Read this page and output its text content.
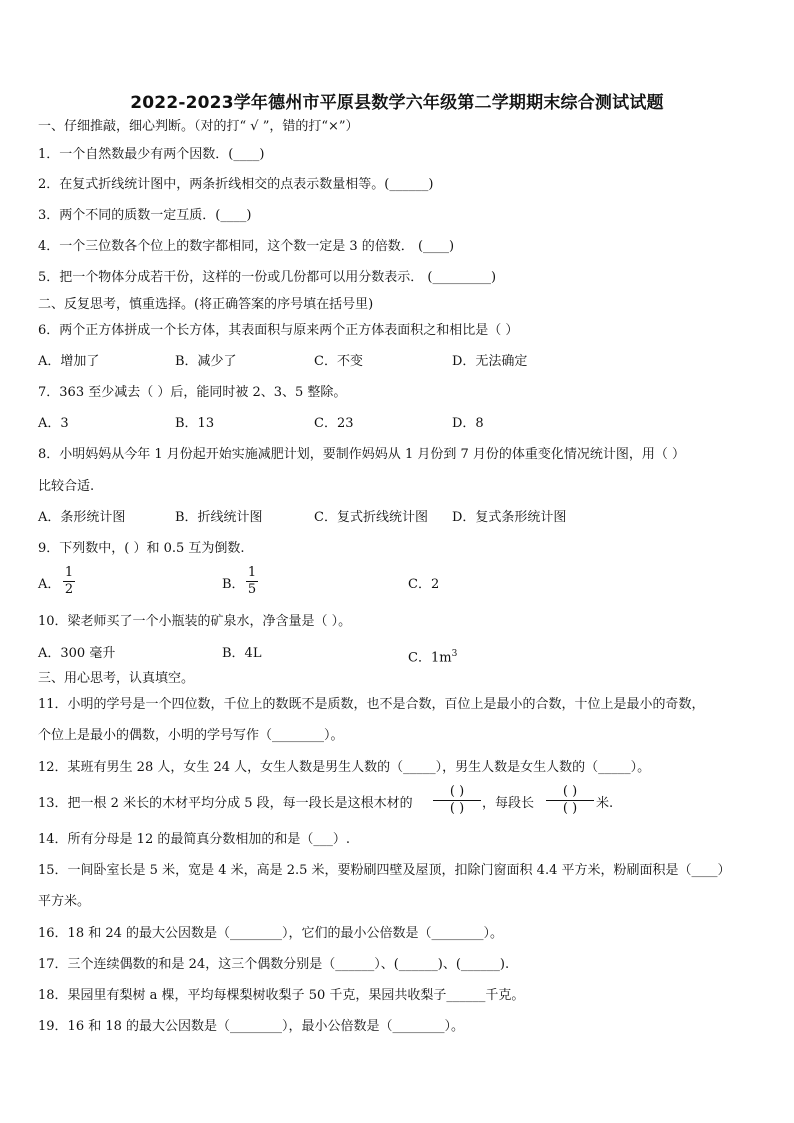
2022-2023学年德州市平原县数学六年级第二学期期末综合测试试题
一、仔细推敲，细心判断。（对的打“ √ ”，错的打“×”）
1．一个自然数最少有两个因数．(____)
2．在复式折线统计图中，两条折线相交的点表示数量相等。(______)
3．两个不同的质数一定互质．(____)
4．一个三位数各个位上的数字都相同，这个数一定是 3 的倍数． (____)
5．把一个物体分成若干份，这样的一份或几份都可以用分数表示． (_________)
二、反复思考，慎重选择。(将正确答案的序号填在括号里)
6．两个正方体拼成一个长方体，其表面积与原来两个正方体表面积之和相比是（ ）
A．增加了	B．减少了	C．不变	D．无法确定
7．363 至少减去（ ）后，能同时被 2、3、5 整除。
A．3	B．13	C．23	D．8
8．小明妈妈从今年 1 月份起开始实施减肥计划，要制作妈妈从 1 月份到 7 月份的体重变化情况统计图，用（ ）
比较合适.
A．条形统计图	B．折线统计图	C．复式折线统计图 D．复式条形统计图
9．下列数中，( ）和 0.5 互为倒数.
A．
1
2	B．
1
5	C．2
10．梁老师买了一个小瓶装的矿泉水，净含量是（ ）。
A．300 毫升	B．4L	C．$1m^3$
三、用心思考，认真填空。
11．小明的学号是一个四位数，千位上的数既不是质数，也不是合数，百位上是最小的合数，十位上是最小的奇数，
个位上是最小的偶数，小明的学号写作（________）。
12．某班有男生 28 人，女生 24 人，女生人数是男生人数的（_____），男生人数是女生人数的（_____）。
13．把一根 2 米长的木材平均分成 5 段，每一段长是这根木材的
( )
( )	，每段长
( )
( )	米.
14．所有分母是 12 的最简真分数相加的和是（___）.
15．一间卧室长是 5 米，宽是 4 米，高是 2.5 米，要粉刷四壁及屋顶，扣除门窗面积 4.4 平方米，粉刷面积是（____）
平方米。
16．18 和 24 的最大公因数是（________），它们的最小公倍数是（________）。
17．三个连续偶数的和是 24，这三个偶数分别是（______）、(______)、(______).
18．果园里有梨树 a 棵，平均每棵梨树收梨子 50 千克，果园共收梨子______千克。
19．16 和 18 的最大公因数是（________），最小公倍数是（________）。
